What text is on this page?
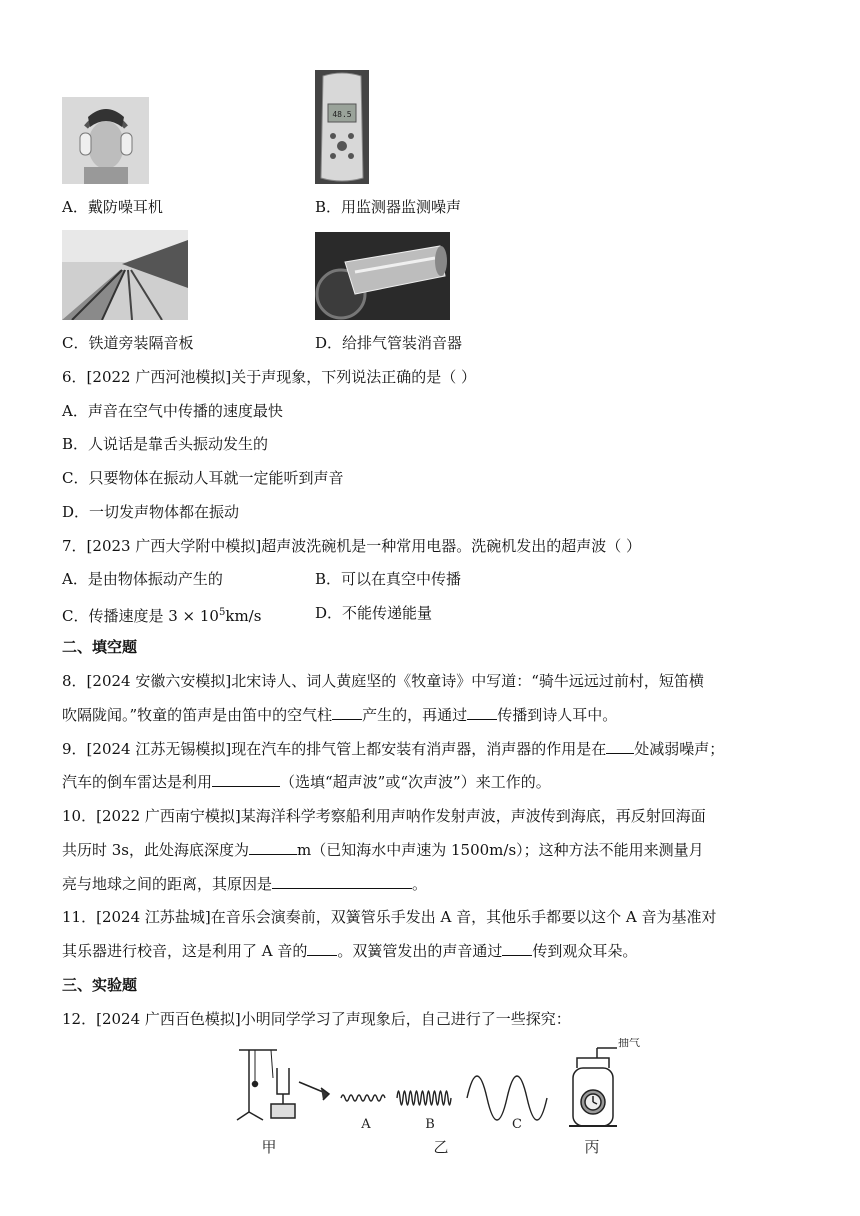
48.5
A．戴防噪耳机	B．用监测器监测噪声
C．铁道旁装隔音板	D．给排气管装消音器
6．[2022 广西河池模拟]关于声现象，下列说法正确的是（ ）
A．声音在空气中传播的速度最快
B．人说话是靠舌头振动发生的
C．只要物体在振动人耳就一定能听到声音
D．一切发声物体都在振动
7．[2023 广西大学附中模拟]超声波洗碗机是一种常用电器。洗碗机发出的超声波（ ）
A．是由物体振动产生的	B．可以在真空中传播
C．传播速度是 $3 \times 10^5km/s$	D．不能传递能量
二、填空题
8．[2024 安徽六安模拟]北宋诗人、词人黄庭坚的《牧童诗》中写道：“骑牛远远过前村，短笛横
吹隔陇闻。”牧童的笛声是由笛中的空气柱 产生的，再通过 传播到诗人耳中。
9．[2024 江苏无锡模拟]现在汽车的排气管上都安装有消声器，消声器的作用是在 处减弱噪声；
汽车的倒车雷达是利用	（选填“超声波”或“次声波”）来工作的。
10．[2022 广西南宁模拟]某海洋科学考察船利用声呐作发射声波，声波传到海底，再反射回海面
共历时 3s，此处海底深度为	m（已知海水中声速为 1500m/s）；这种方法不能用来测量月
亮与地球之间的距离，其原因是	。
11．[2024 江苏盐城]在音乐会演奏前，双簧管乐手发出 A 音，其他乐手都要以这个 A 音为基准对
其乐器进行校音，这是利用了 A 音的 。双簧管发出的声音通过 传到观众耳朵。
三、实验题
12．[2024 广西百色模拟]小明同学学习了声现象后，自己进行了一些探究：
抽气
A	B	C
甲	乙	丙
